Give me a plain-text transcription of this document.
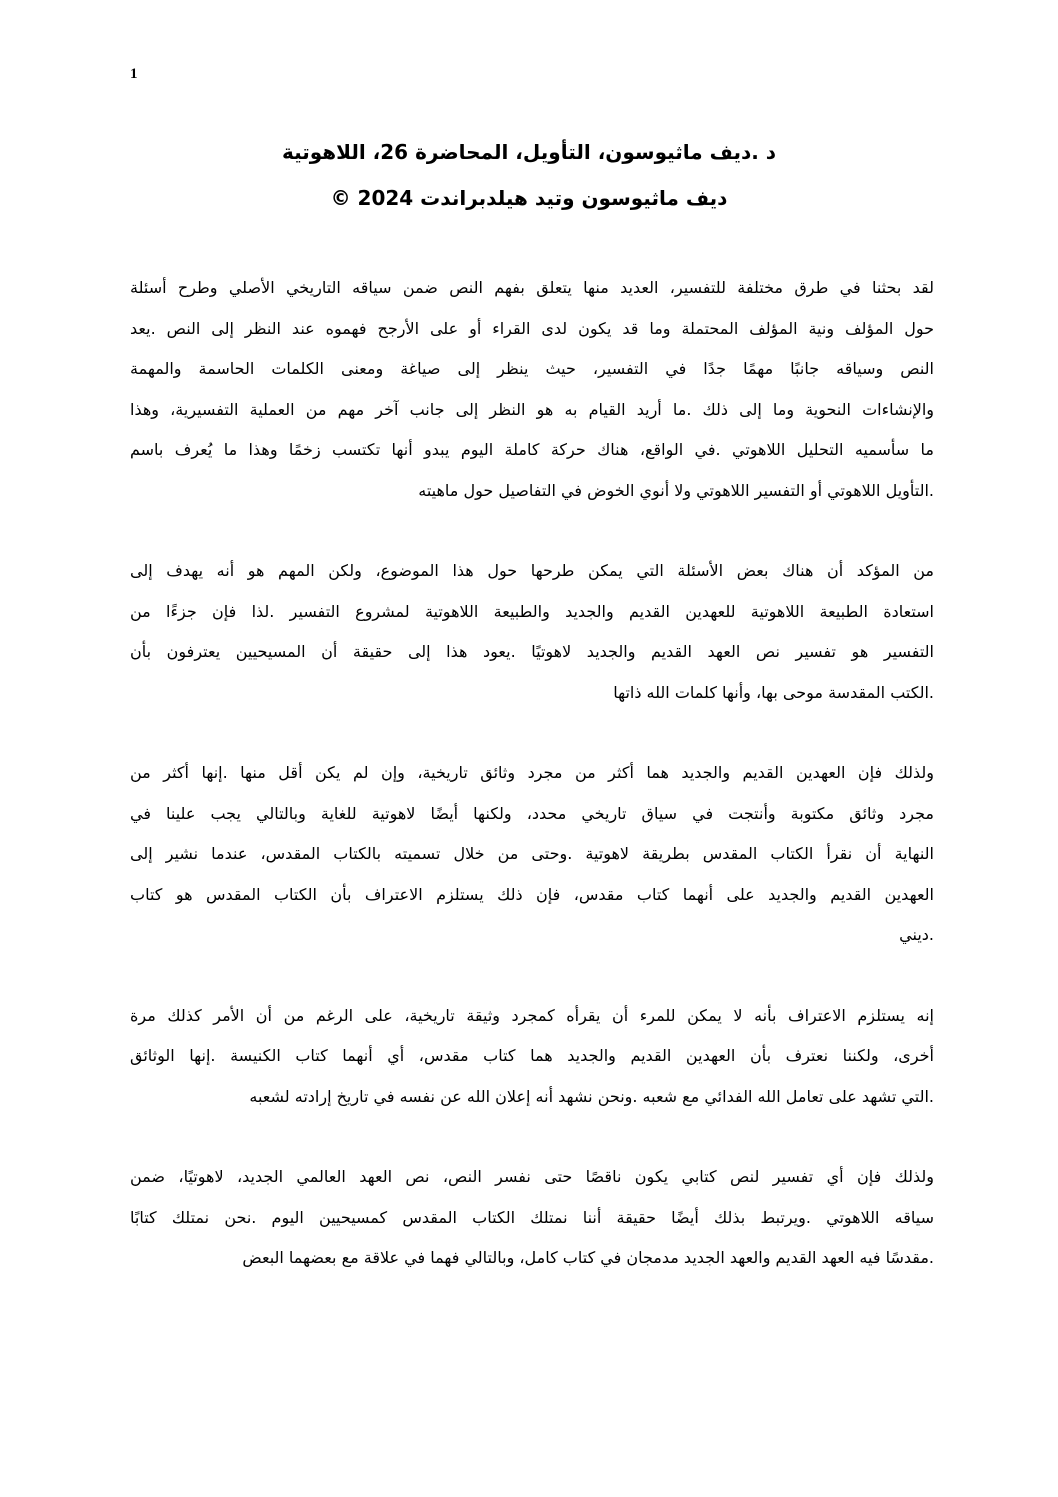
1
د .ديف ماثيوسون، التأويل، المحاضرة 26، اللاهوتية
ديف ماثيوسون وتيد هيلدبراندت 2024 ©
لقد بحثنا في طرق مختلفة للتفسير، العديد منها يتعلق بفهم النص ضمن سياقه التاريخي الأصلي وطرح أسئلة
حول المؤلف ونية المؤلف المحتملة وما قد يكون لدى القراء أو على الأرجح فهموه عند النظر إلى النص .يعد
النص وسياقه جانبًا مهمًا جدًا في التفسير، حيث ينظر إلى صياغة ومعنى الكلمات الحاسمة والمهمة
والإنشاءات النحوية وما إلى ذلك .ما أريد القيام به هو النظر إلى جانب آخر مهم من العملية التفسيرية، وهذا
ما سأسميه التحليل اللاهوتي .في الواقع، هناك حركة كاملة اليوم يبدو أنها تكتسب زخمًا وهذا ما يُعرف باسم
.التأويل اللاهوتي أو التفسير اللاهوتي ولا أنوي الخوض في التفاصيل حول ماهيته
من المؤكد أن هناك بعض الأسئلة التي يمكن طرحها حول هذا الموضوع، ولكن المهم هو أنه يهدف إلى
استعادة الطبيعة اللاهوتية للعهدين القديم والجديد والطبيعة اللاهوتية لمشروع التفسير .لذا فإن جزءًا من
التفسير هو تفسير نص العهد القديم والجديد لاهوتيًا .يعود هذا إلى حقيقة أن المسيحيين يعترفون بأن
.الكتب المقدسة موحى بها، وأنها كلمات الله ذاتها
ولذلك فإن العهدين القديم والجديد هما أكثر من مجرد وثائق تاريخية، وإن لم يكن أقل منها .إنها أكثر من
مجرد وثائق مكتوبة وأنتجت في سياق تاريخي محدد، ولكنها أيضًا لاهوتية للغاية وبالتالي يجب علينا في
النهاية أن نقرأ الكتاب المقدس بطريقة لاهوتية .وحتى من خلال تسميته بالكتاب المقدس، عندما نشير إلى
العهدين القديم والجديد على أنهما كتاب مقدس، فإن ذلك يستلزم الاعتراف بأن الكتاب المقدس هو كتاب
.ديني
إنه يستلزم الاعتراف بأنه لا يمكن للمرء أن يقرأه كمجرد وثيقة تاريخية، على الرغم من أن الأمر كذلك مرة
أخرى، ولكننا نعترف بأن العهدين القديم والجديد هما كتاب مقدس، أي أنهما كتاب الكنيسة .إنها الوثائق
.التي تشهد على تعامل الله الفدائي مع شعبه .ونحن نشهد أنه إعلان الله عن نفسه في تاريخ إرادته لشعبه
ولذلك فإن أي تفسير لنص كتابي يكون ناقصًا حتى نفسر النص، نص العهد العالمي الجديد، لاهوتيًا، ضمن
سياقه اللاهوتي .ويرتبط بذلك أيضًا حقيقة أننا نمتلك الكتاب المقدس كمسيحيين اليوم .نحن نمتلك كتابًا
.مقدسًا فيه العهد القديم والعهد الجديد مدمجان في كتاب كامل، وبالتالي فهما في علاقة مع بعضهما البعض
